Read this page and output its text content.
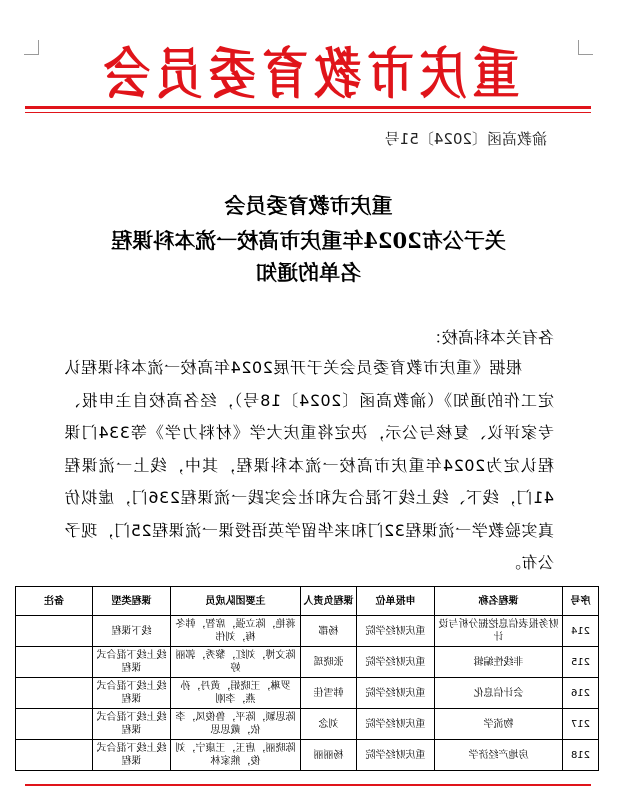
重庆市教育委员会
渝教高函〔2024〕51号
重庆市教育委员会
关于公布2024年重庆市高校一流本科课程
名单的通知
各有关本科高校：
根据《重庆市教育委员会关于开展2024年高校一流本科课程认定工作的通知》（渝教高函〔2024〕18号），经各高校自主申报、专家评议、复核与公示，决定将重庆大学《材料力学》等334门课程认定为2024年重庆市高校一流本科课程，其中，线上一流课程41门，线下、线上线下混合式和社会实践一流课程236门，虚拟仿真实验教学一流课程32门和来华留学英语授课一流课程25门，现予公布。
序号	课程名称	申报单位	课程负责人	主要团队成员	课程类型	备注
214	财务报表信息挖掘分析与设计	重庆财经学院	杨郡	蒋艳，陈立强，席智，韩冬梅，刘伟	线下课程	
215	非线性编辑	重庆财经学院	张晓瑶	陈文博，刘红，黎秀，郭丽婷	线上线下混合式课程	
216	会计信息化	重庆财经学院	韩雪佳	罗琳，王晓娟，黄丹，孙燕，李刚	线上线下混合式课程	
217	物流学	重庆财经学院	刘念	陈思颖，陈平，鲁俊凤，李依，戴思思	线上线下混合式课程	
218	房地产经济学	重庆财经学院	杨丽丽	陈晓丽，唐玉，王康宁，刘俊，熊家林	线上线下混合式课程	
